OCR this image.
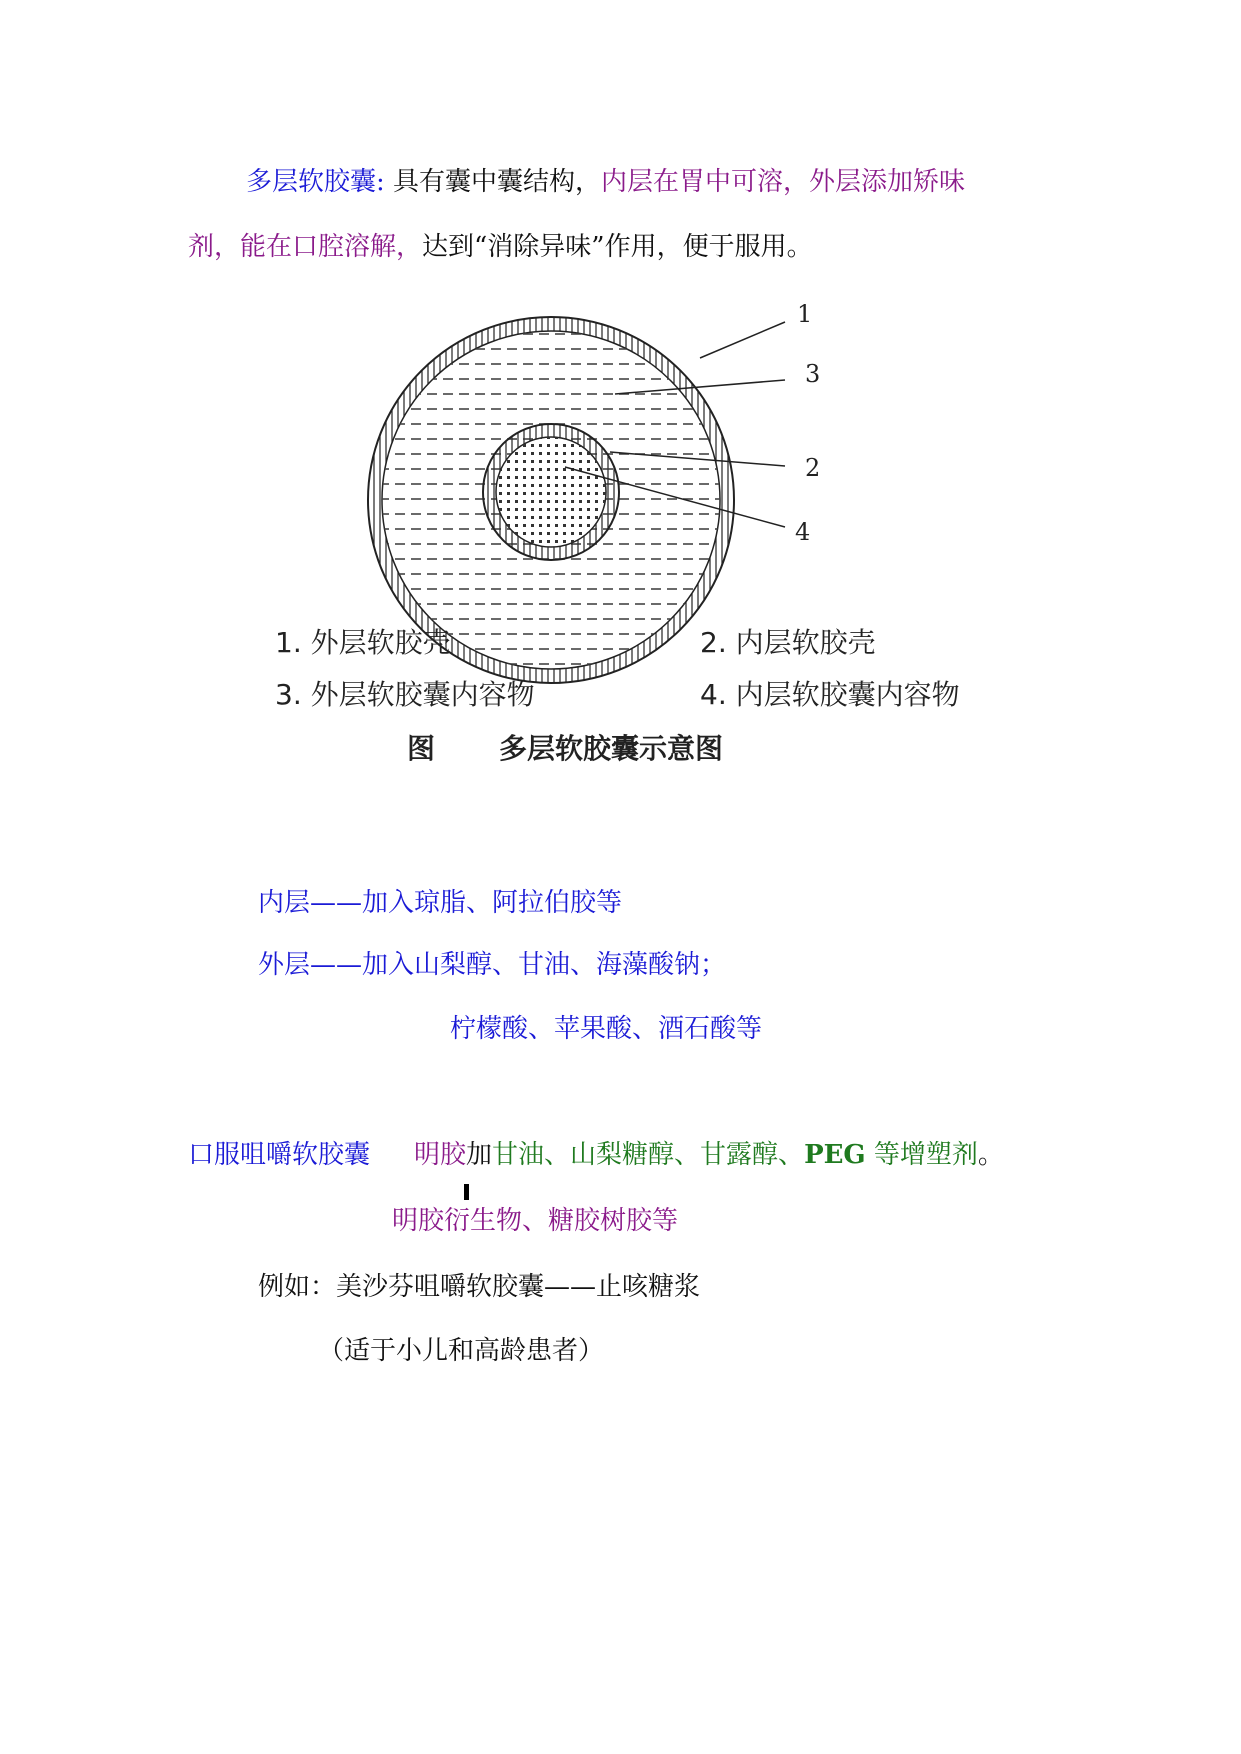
多层软胶囊: 具有囊中囊结构，内层在胃中可溶，外层添加矫味
剂，能在口腔溶解，达到“消除异味”作用，便于服用。
1
3
2
4
1. 外层软胶壳	2. 内层软胶壳
3. 外层软胶囊内容物	4. 内层软胶囊内容物
图 多层软胶囊示意图
内层——加入琼脂、阿拉伯胶等
外层——加入山梨醇、甘油、海藻酸钠；
柠檬酸、苹果酸、酒石酸等
口服咀嚼软胶囊 明胶加甘油、山梨糖醇、甘露醇、PEG 等增塑剂。
明胶衍生物、糖胶树胶等
例如：美沙芬咀嚼软胶囊——止咳糖浆
（适于小儿和高龄患者）
